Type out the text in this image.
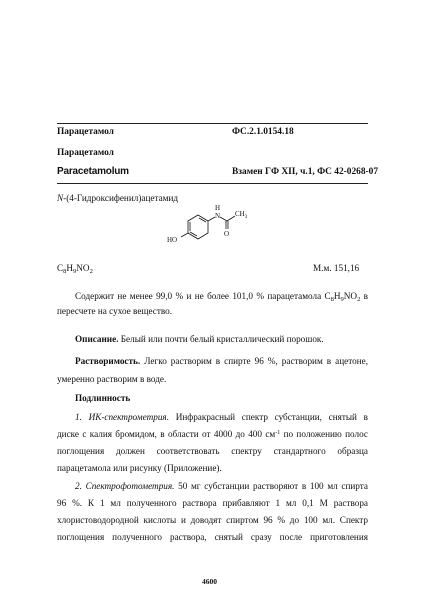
Парацетамол	ФС.2.1.0154.18
Парацетамол
Paracetamolum	Взамен ГФ XII, ч.1, ФС 42-0268-07
N-(4-Гидроксифенил)ацетамид
N
H
$CH_3$
O
HO
$C_8H_9NO_2$	М.м. 151,16
Содержит не менее 99,0 % и не более 101,0 % парацетамола $C_8H_9NO_2$ в
пересчете на сухое вещество.
Описание. Белый или почти белый кристаллический порошок.
Растворимость. Легко растворим в спирте 96 %, растворим в ацетоне,
умеренно растворим в воде.
Подлинность
1. ИК-спектрометрия. Инфракрасный спектр субстанции, снятый в
диске с калия бромидом, в области от 4000 до 400 $см^{-1}$ по положению полос
поглощения должен соответствовать спектру стандартного образца
парацетамола или рисунку (Приложение).
2. Спектрофотометрия. 50 мг субстанции растворяют в 100 мл спирта
96 %. К 1 мл полученного раствора прибавляют 1 мл 0,1 М раствора
хлористоводородной кислоты и доводят спиртом 96 % до 100 мл. Спектр
поглощения полученного раствора, снятый сразу после приготовления
4600
